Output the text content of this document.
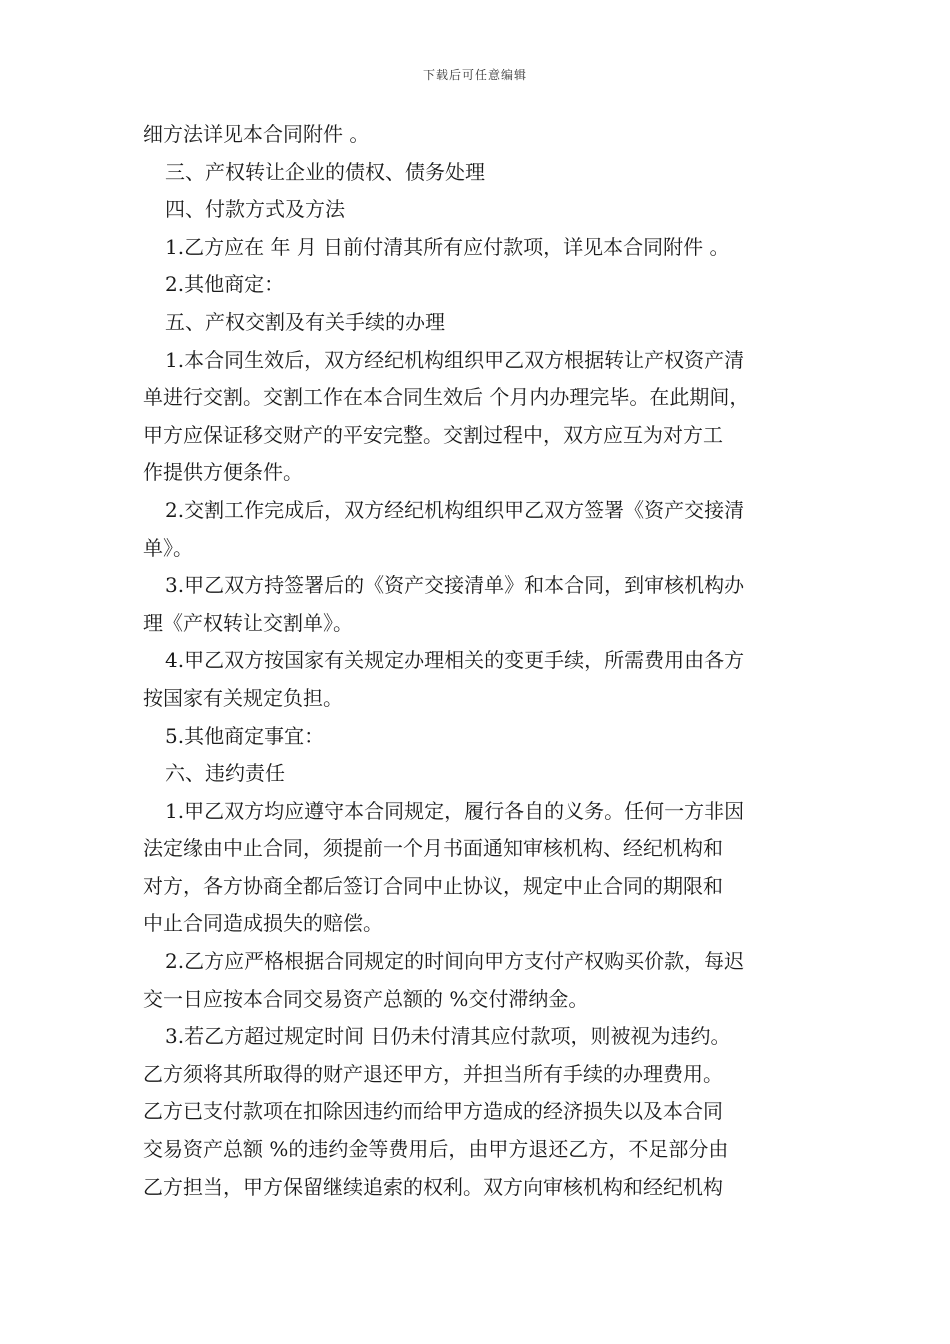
下载后可任意编辑
细方法详见本合同附件 。
三、产权转让企业的债权、债务处理
四、付款方式及方法
1.乙方应在 年 月 日前付清其所有应付款项，详见本合同附件 。
2.其他商定：
五、产权交割及有关手续的办理
1.本合同生效后，双方经纪机构组织甲乙双方根据转让产权资产清
单进行交割。交割工作在本合同生效后 个月内办理完毕。在此期间，
甲方应保证移交财产的平安完整。交割过程中，双方应互为对方工
作提供方便条件。
2.交割工作完成后，双方经纪机构组织甲乙双方签署《资产交接清
单》。
3.甲乙双方持签署后的《资产交接清单》和本合同，到审核机构办
理《产权转让交割单》。
4.甲乙双方按国家有关规定办理相关的变更手续，所需费用由各方
按国家有关规定负担。
5.其他商定事宜：
六、违约责任
1.甲乙双方均应遵守本合同规定，履行各自的义务。任何一方非因
法定缘由中止合同，须提前一个月书面通知审核机构、经纪机构和
对方，各方协商全都后签订合同中止协议，规定中止合同的期限和
中止合同造成损失的赔偿。
2.乙方应严格根据合同规定的时间向甲方支付产权购买价款，每迟
交一日应按本合同交易资产总额的 %交付滞纳金。
3.若乙方超过规定时间 日仍未付清其应付款项，则被视为违约。
乙方须将其所取得的财产退还甲方，并担当所有手续的办理费用。
乙方已支付款项在扣除因违约而给甲方造成的经济损失以及本合同
交易资产总额 %的违约金等费用后，由甲方退还乙方，不足部分由
乙方担当，甲方保留继续追索的权利。双方向审核机构和经纪机构
